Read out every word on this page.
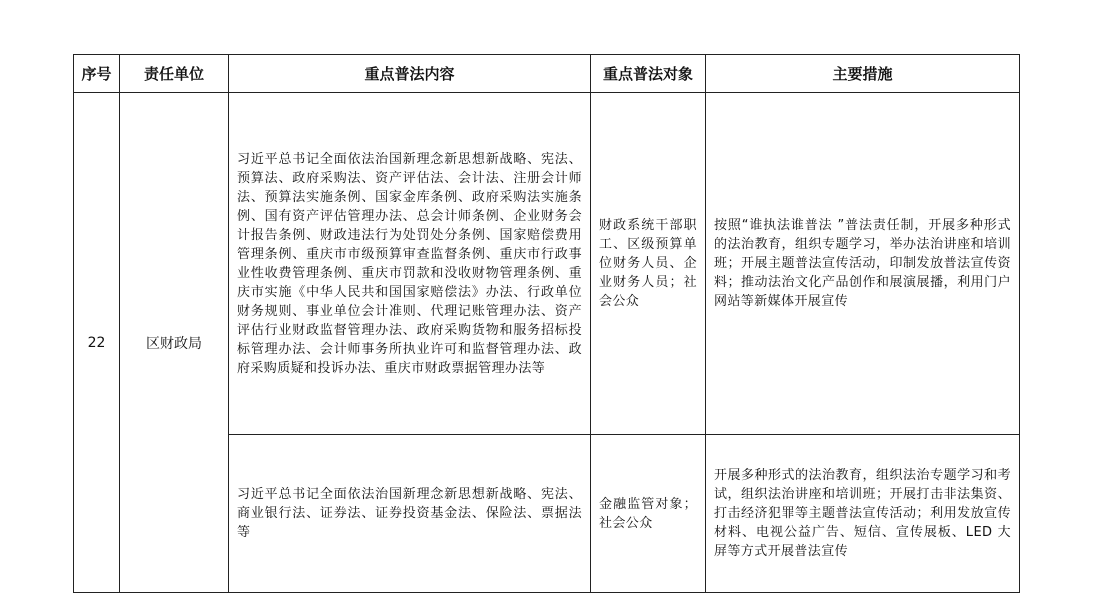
序号	责任单位	重点普法内容	重点普法对象	主要措施
22	区财政局	习近平总书记全面依法治国新理念新思想新战略、宪法、预算法、政府采购法、资产评估法、会计法、注册会计师法、预算法实施条例、国家金库条例、政府采购法实施条例、国有资产评估管理办法、总会计师条例、企业财务会计报告条例、财政违法行为处罚处分条例、国家赔偿费用管理条例、重庆市市级预算审查监督条例、重庆市行政事业性收费管理条例、重庆市罚款和没收财物管理条例、重庆市实施《中华人民共和国国家赔偿法》办法、行政单位财务规则、事业单位会计准则、代理记账管理办法、资产评估行业财政监督管理办法、政府采购货物和服务招标投标管理办法、会计师事务所执业许可和监督管理办法、政府采购质疑和投诉办法、重庆市财政票据管理办法等	财政系统干部职工、区级预算单位财务人员、企业财务人员；社会公众	按照“谁执法谁普法 ”普法责任制，开展多种形式的法治教育，组织专题学习，举办法治讲座和培训班；开展主题普法宣传活动，印制发放普法宣传资料；推动法治文化产品创作和展演展播，利用门户网站等新媒体开展宣传
		习近平总书记全面依法治国新理念新思想新战略、宪法、商业银行法、证券法、证券投资基金法、保险法、票据法等	金融监管对象；社会公众	开展多种形式的法治教育，组织法治专题学习和考试，组织法治讲座和培训班；开展打击非法集资、打击经济犯罪等主题普法宣传活动；利用发放宣传材料、电视公益广告、短信、宣传展板、LED 大屏等方式开展普法宣传
